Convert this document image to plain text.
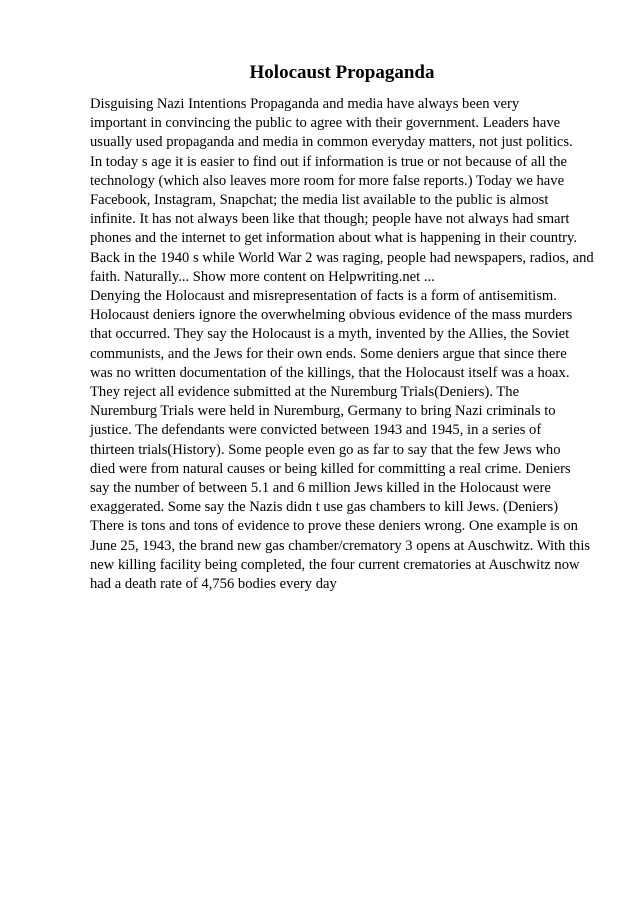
Holocaust Propaganda
Disguising Nazi Intentions Propaganda and media have always been very
important in convincing the public to agree with their government. Leaders have
usually used propaganda and media in common everyday matters, not just politics.
In today s age it is easier to find out if information is true or not because of all the
technology (which also leaves more room for more false reports.) Today we have
Facebook, Instagram, Snapchat; the media list available to the public is almost
infinite. It has not always been like that though; people have not always had smart
phones and the internet to get information about what is happening in their country.
Back in the 1940 s while World War 2 was raging, people had newspapers, radios, and
faith. Naturally... Show more content on Helpwriting.net ...
Denying the Holocaust and misrepresentation of facts is a form of antisemitism.
Holocaust deniers ignore the overwhelming obvious evidence of the mass murders
that occurred. They say the Holocaust is a myth, invented by the Allies, the Soviet
communists, and the Jews for their own ends. Some deniers argue that since there
was no written documentation of the killings, that the Holocaust itself was a hoax.
They reject all evidence submitted at the Nuremburg Trials(Deniers). The
Nuremburg Trials were held in Nuremburg, Germany to bring Nazi criminals to
justice. The defendants were convicted between 1943 and 1945, in a series of
thirteen trials(History). Some people even go as far to say that the few Jews who
died were from natural causes or being killed for committing a real crime. Deniers
say the number of between 5.1 and 6 million Jews killed in the Holocaust were
exaggerated. Some say the Nazis didn t use gas chambers to kill Jews. (Deniers)
There is tons and tons of evidence to prove these deniers wrong. One example is on
June 25, 1943, the brand new gas chamber/crematory 3 opens at Auschwitz. With this
new killing facility being completed, the four current crematories at Auschwitz now
had a death rate of 4,756 bodies every day
